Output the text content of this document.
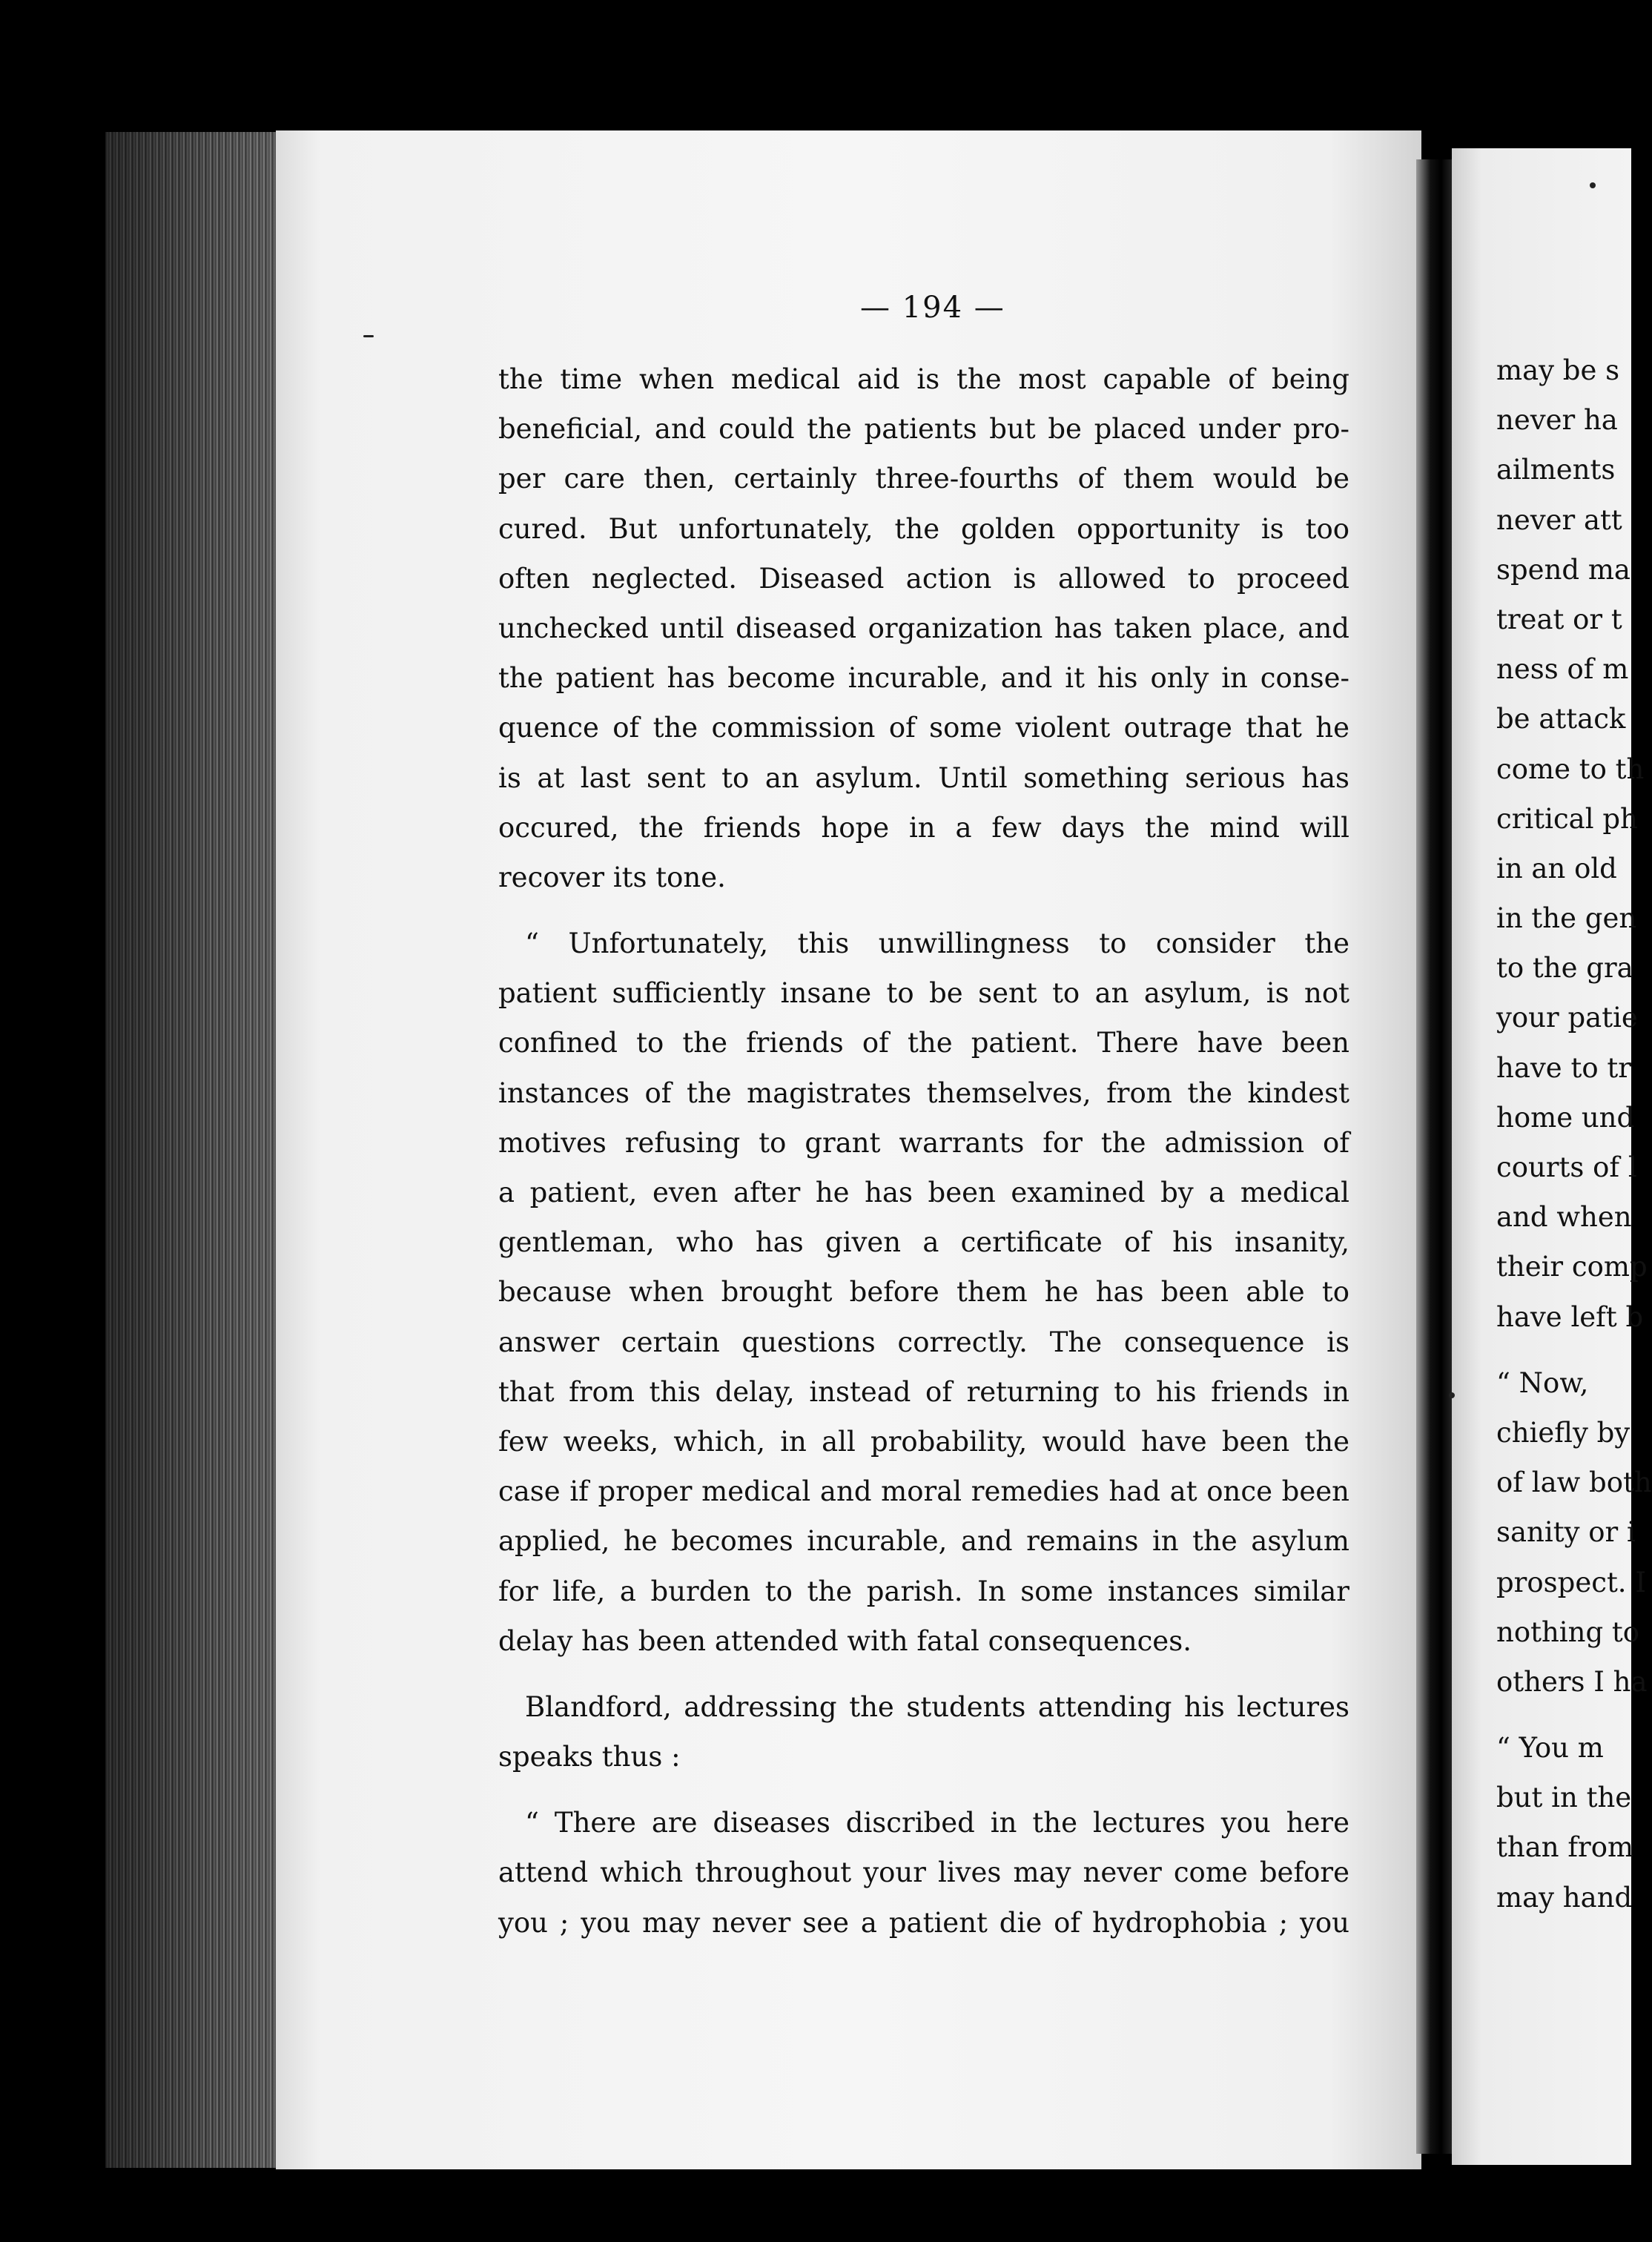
— 194 —
the time when medical aid is the most capable of being
beneficial, and could the patients but be placed under pro-
per care then, certainly three-fourths of them would be
cured. But unfortunately, the golden opportunity is too
often neglected. Diseased action is allowed to proceed
unchecked until diseased organization has taken place, and
the patient has become incurable, and it his only in conse-
quence of the commission of some violent outrage that he
is at last sent to an asylum. Until something serious has
occured, the friends hope in a few days the mind will
recover its tone.
“ Unfortunately, this unwillingness to consider the
patient sufficiently insane to be sent to an asylum, is not
confined to the friends of the patient. There have been
instances of the magistrates themselves, from the kindest
motives refusing to grant warrants for the admission of
a patient, even after he has been examined by a medical
gentleman, who has given a certificate of his insanity,
because when brought before them he has been able to
answer certain questions correctly. The consequence is
that from this delay, instead of returning to his friends in
few weeks, which, in all probability, would have been the
case if proper medical and moral remedies had at once been
applied, he becomes incurable, and remains in the asylum
for life, a burden to the parish. In some instances similar
delay has been attended with fatal consequences.
Blandford, addressing the students attending his lectures
speaks thus :
“ There are diseases discribed in the lectures you here
attend which throughout your lives may never come before
you ; you may never see a patient die of hydrophobia ; you
may be s
never ha
ailments
never att
spend ma
treat or t
ness of m
be attack
come to th
critical ph
in an old
in the gen
to the gra
your patie
have to tr
home und
courts of l
and when
their comp
have left b
“ Now,
chiefly by
of law both
sanity or i
prospect. I
nothing to
others I ha
“ You m
but in the
than from
may hand
